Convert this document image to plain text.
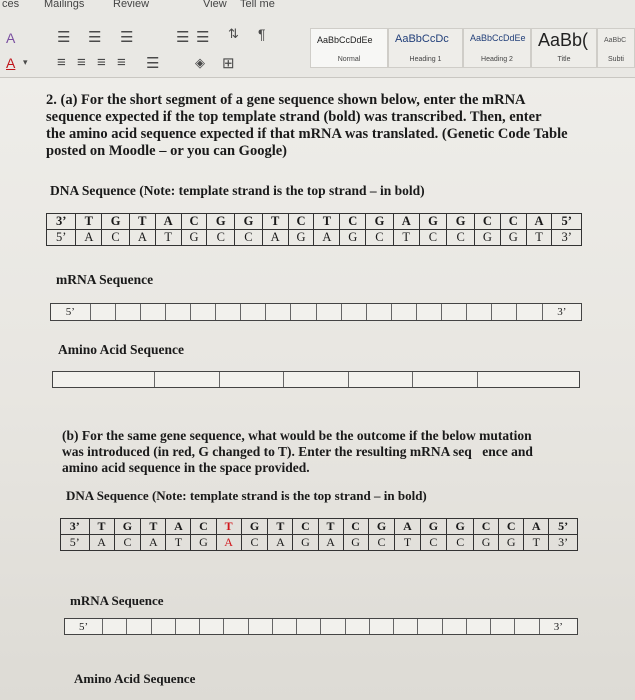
ces Mailings	Review	View Tell me
A	☰ ☰ ☰	☰ ☰ ⇅ ¶
A ▾ ≡ ≡ ≡ ≡ ☰	◈ ⊞
AaBbCcDdEe
Normal
AaBbCcDc
Heading 1
AaBbCcDdEe
Heading 2
AaBb(
Title
AaBbC
Subti
2. (a) For the short segment of a gene sequence shown below, enter the mRNA
sequence expected if the top template strand (bold) was transcribed. Then, enter
the amino acid sequence expected if that mRNA was translated. (Genetic Code Table
posted on Moodle – or you can Google)
DNA Sequence (Note: template strand is the top strand – in bold)
3’	T	G	T	A	C	G	G	T	C	T	C	G	A	G	G	C	C	A	5’
5’	A	C	A	T	G	C	C	A	G	A	G	C	T	C	C	G	G	T	3’
mRNA Sequence
5’	3’
Amino Acid Sequence
(b) For the same gene sequence, what would be the outcome if the below mutation
was introduced (in red, G changed to T). Enter the resulting mRNA seqَence and
amino acid sequence in the space provided.
DNA Sequence (Note: template strand is the top strand – in bold)
3’	T	G	T	A	C	T	G	T	C	T	C	G	A	G	G	C	C	A	5’
5’	A	C	A	T	G	A	C	A	G	A	G	C	T	C	C	G	G	T	3’
mRNA Sequence
5’	3’
Amino Acid Sequence
